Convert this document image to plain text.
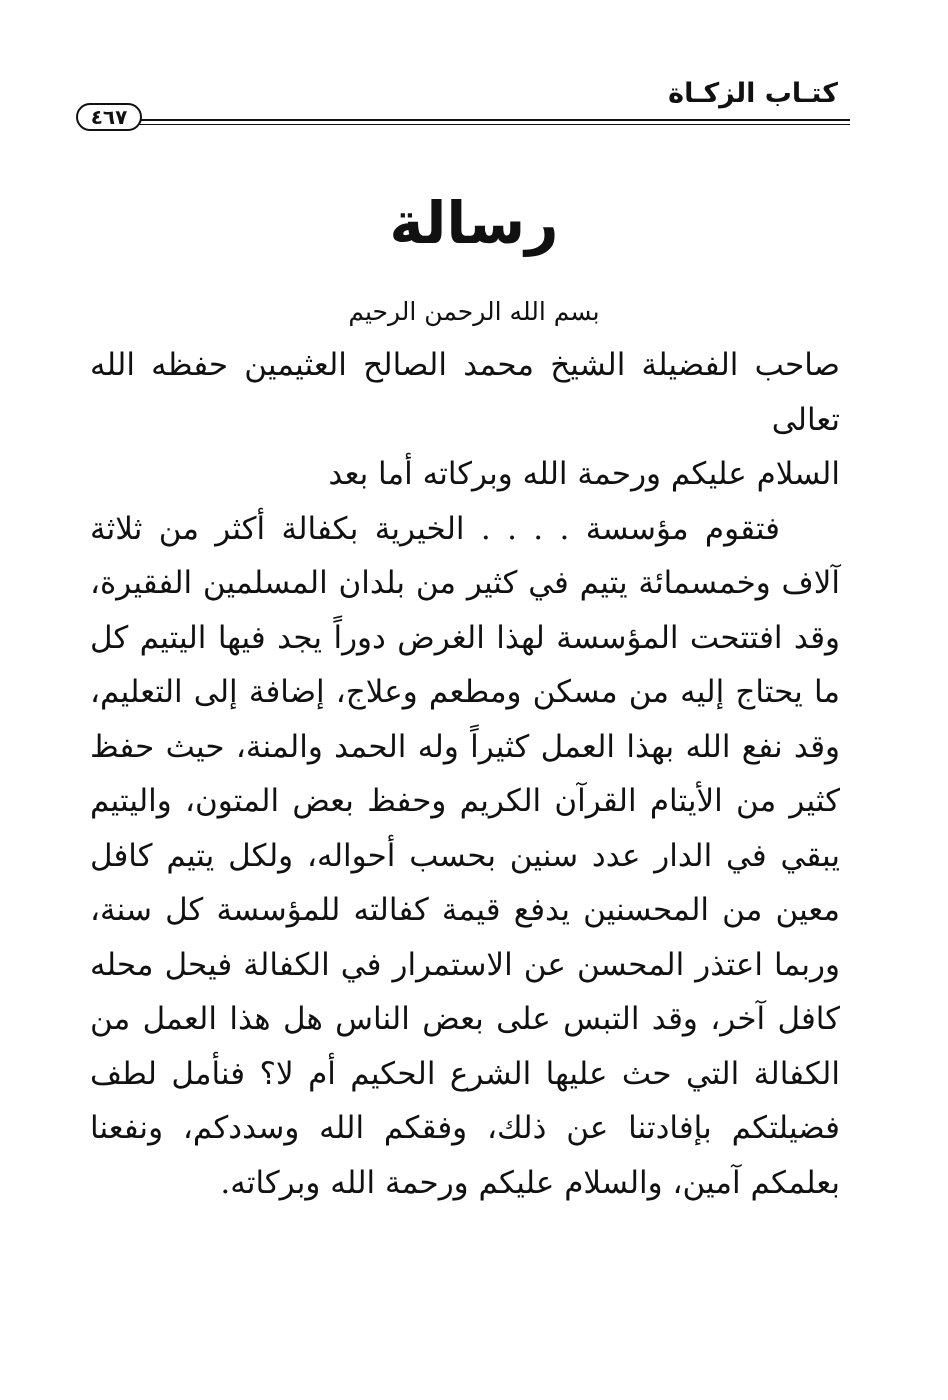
كتـاب الزكـاة
٤٦٧
رسالة
بسم الله الرحمن الرحيم

صاحب الفضيلة الشيخ محمد الصالح العثيمين حفظه الله تعالى

السلام عليكم ورحمة الله وبركاته أما بعد

فتقوم مؤسسة . . . . الخيرية بكفالة أكثر من ثلاثة آلاف وخمسمائة يتيم في كثير من بلدان المسلمين الفقيرة، وقد افتتحت المؤسسة لهذا الغرض دوراً يجد فيها اليتيم كل ما يحتاج إليه من مسكن ومطعم وعلاج، إضافة إلى التعليم، وقد نفع الله بهذا العمل كثيراً وله الحمد والمنة، حيث حفظ كثير من الأيتام القرآن الكريم وحفظ بعض المتون، واليتيم يبقي في الدار عدد سنين بحسب أحواله، ولكل يتيم كافل معين من المحسنين يدفع قيمة كفالته للمؤسسة كل سنة، وربما اعتذر المحسن عن الاستمرار في الكفالة فيحل محله كافل آخر، وقد التبس على بعض الناس هل هذا العمل من الكفالة التي حث عليها الشرع الحكيم أم لا؟ فنأمل لطف فضيلتكم بإفادتنا عن ذلك، وفقكم الله وسددكم، ونفعنا بعلمكم آمين، والسلام عليكم ورحمة الله وبركاته.
